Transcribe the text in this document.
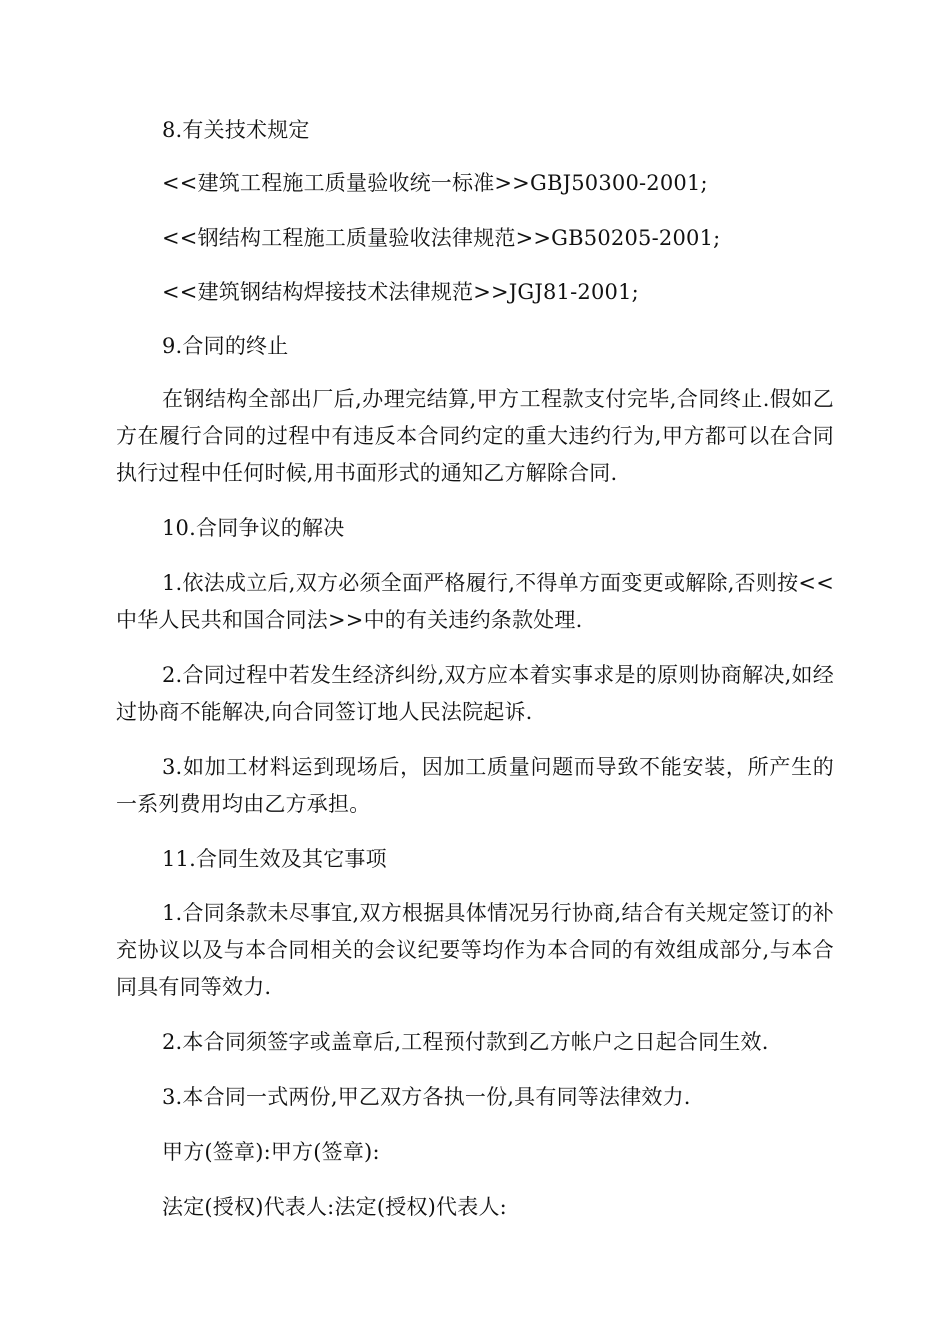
8.有关技术规定

<<建筑工程施工质量验收统一标准>>GBJ50300-2001;

<<钢结构工程施工质量验收法律规范>>GB50205-2001;

<<建筑钢结构焊接技术法律规范>>JGJ81-2001;

9.合同的终止

在钢结构全部出厂后,办理完结算,甲方工程款支付完毕,合同终止.假如乙方在履行合同的过程中有违反本合同约定的重大违约行为,甲方都可以在合同执行过程中任何时候,用书面形式的通知乙方解除合同.

10.合同争议的解决

1.依法成立后,双方必须全面严格履行,不得单方面变更或解除,否则按<<中华人民共和国合同法>>中的有关违约条款处理.

2.合同过程中若发生经济纠纷,双方应本着实事求是的原则协商解决,如经过协商不能解决,向合同签订地人民法院起诉.

3.如加工材料运到现场后，因加工质量问题而导致不能安装，所产生的一系列费用均由乙方承担。

11.合同生效及其它事项

1.合同条款未尽事宜,双方根据具体情况另行协商,结合有关规定签订的补充协议以及与本合同相关的会议纪要等均作为本合同的有效组成部分,与本合同具有同等效力.

2.本合同须签字或盖章后,工程预付款到乙方帐户之日起合同生效.

3.本合同一式两份,甲乙双方各执一份,具有同等法律效力.

甲方(签章):甲方(签章):

法定(授权)代表人:法定(授权)代表人:
